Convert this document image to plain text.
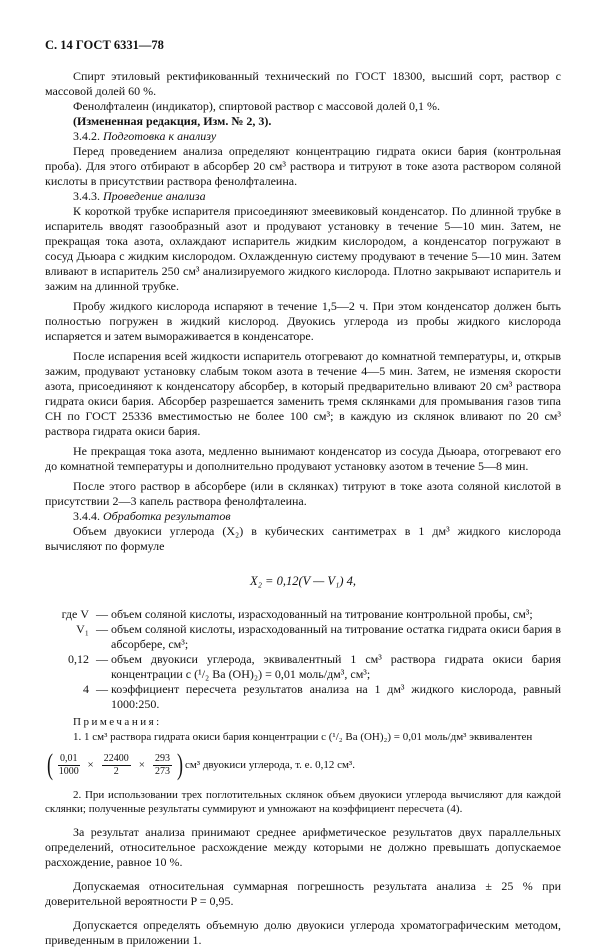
С. 14 ГОСТ 6331—78

Спирт этиловый ректификованный технический по ГОСТ 18300, высший сорт, раствор с массовой долей 60 %.

Фенолфталеин (индикатор), спиртовой раствор с массовой долей 0,1 %.

(Измененная редакция, Изм. № 2, 3).

3.4.2. Подготовка к анализу

Перед проведением анализа определяют концентрацию гидрата окиси бария (контрольная проба). Для этого отбирают в абсорбер 20 см³ раствора и титруют в токе азота раствором соляной кислоты в присутствии раствора фенолфталеина.

3.4.3. Проведение анализа

К короткой трубке испарителя присоединяют змеевиковый конденсатор. По длинной трубке в испаритель вводят газообразный азот и продувают установку в течение 5—10 мин. Затем, не прекращая тока азота, охлаждают испаритель жидким кислородом, а конденсатор погружают в сосуд Дьюара с жидким кислородом. Охлажденную систему продувают в течение 5—10 мин. Затем вливают в испаритель 250 см³ анализируемого жидкого кислорода. Плотно закрывают испаритель и зажим на длинной трубке.

Пробу жидкого кислорода испаряют в течение 1,5—2 ч. При этом конденсатор должен быть полностью погружен в жидкий кислород. Двуокись углерода из пробы жидкого кислорода испаряется и затем вымораживается в конденсаторе.

После испарения всей жидкости испаритель отогревают до комнатной температуры, и, открыв зажим, продувают установку слабым током азота в течение 4—5 мин. Затем, не изменяя скорости азота, присоединяют к конденсатору абсорбер, в который предварительно вливают 20 см³ раствора гидрата окиси бария. Абсорбер разрешается заменить тремя склянками для промывания газов типа СН по ГОСТ 25336 вместимостью не более 100 см³; в каждую из склянок вливают по 20 см³ раствора гидрата окиси бария.

Не прекращая тока азота, медленно вынимают конденсатор из сосуда Дьюара, отогревают его до комнатной температуры и дополнительно продувают установку азотом в течение 5—8 мин.

После этого раствор в абсорбере (или в склянках) титруют в токе азота соляной кислотой в присутствии 2—3 капель раствора фенолфталеина.

3.4.4. Обработка результатов

Объем двуокиси углерода (X₂) в кубических сантиметрах в 1 дм³ жидкого кислорода вычисляют по формуле

X₂ = 0,12(V — V₁) 4,
где V — объем соляной кислоты, израсходованный на титрование контрольной пробы, см³;
V₁ — объем соляной кислоты, израсходованный на титрование остатка гидрата окиси бария в абсорбере, см³;
0,12 — объем двуокиси углерода, эквивалентный 1 см³ раствора гидрата окиси бария концентрации c (¹/₂ Ba (OH)₂) = 0,01 моль/дм³, см³;
4 — коэффициент пересчета результатов анализа на 1 дм³ жидкого кислорода, равный 1000:250.
Примечания:

1. 1 см³ раствора гидрата окиси бария концентрации c (¹/₂ Ba (OH)₂) = 0,01 моль/дм³ эквивалентен

( $\frac{0,01}{1000} \times \frac{22400}{2} \times \frac{293}{273}$ ) см³ двуокиси углерода, т. е. 0,12 см³.

2. При использовании трех поглотительных склянок объем двуокиси углерода вычисляют для каждой склянки; полученные результаты суммируют и умножают на коэффициент пересчета (4).

За результат анализа принимают среднее арифметическое результатов двух параллельных определений, относительное расхождение между которыми не должно превышать допускаемое расхождение, равное 10 %.

Допускаемая относительная суммарная погрешность результата анализа ± 25 % при доверительной вероятности P = 0,95.

Допускается определять объемную долю двуокиси углерода хроматографическим методом, приведенным в приложении 1.
